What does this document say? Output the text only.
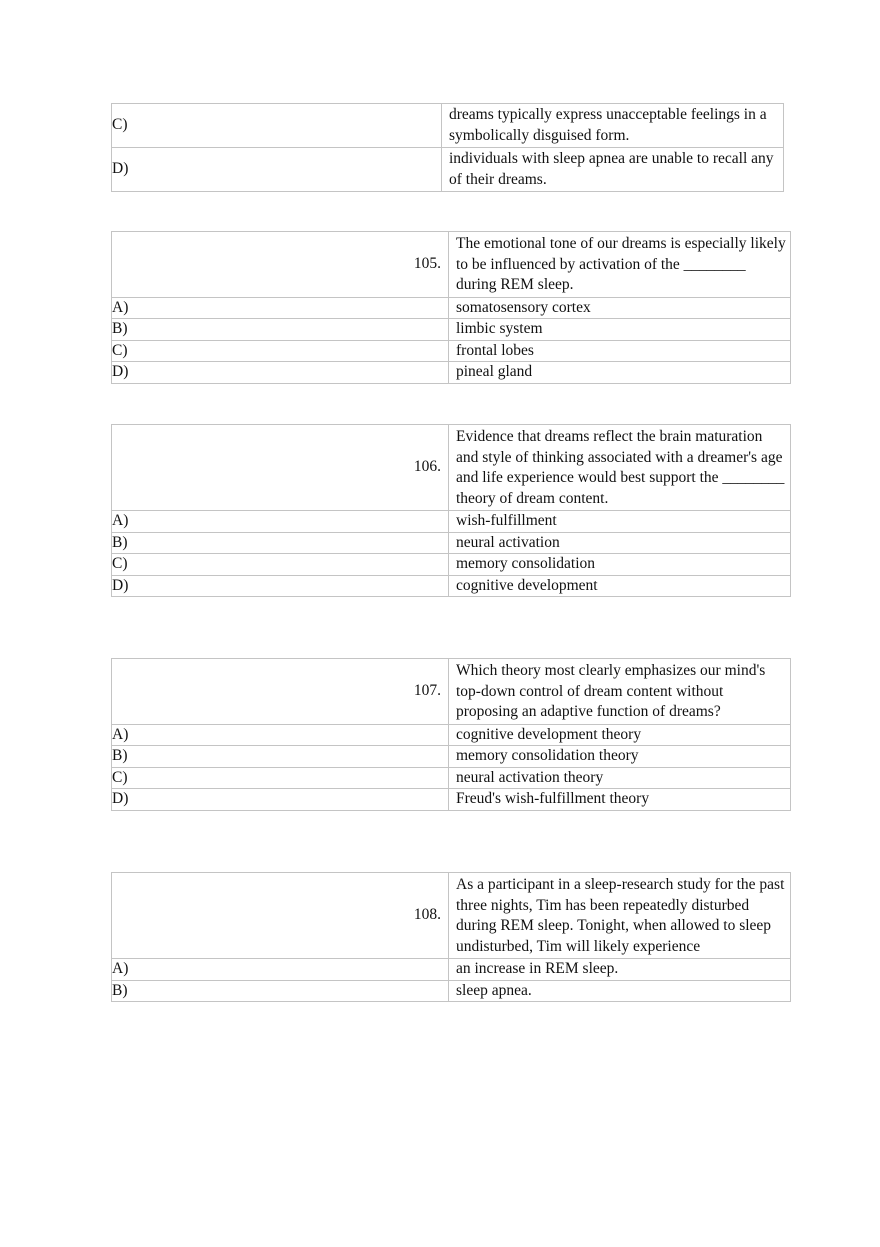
C)	dreams typically express unacceptable feelings in a symbolically disguised form.
D)	individuals with sleep apnea are unable to recall any of their dreams.
105.	The emotional tone of our dreams is especially likely to be influenced by activation of the ________ during REM sleep.
A)	somatosensory cortex
B)	limbic system
C)	frontal lobes
D)	pineal gland
106.	Evidence that dreams reflect the brain maturation and style of thinking associated with a dreamer's age and life experience would best support the ________ theory of dream content.
A)	wish-fulfillment
B)	neural activation
C)	memory consolidation
D)	cognitive development
107.	Which theory most clearly emphasizes our mind's top-down control of dream content without proposing an adaptive function of dreams?
A)	cognitive development theory
B)	memory consolidation theory
C)	neural activation theory
D)	Freud's wish-fulfillment theory
108.	As a participant in a sleep-research study for the past three nights, Tim has been repeatedly disturbed during REM sleep. Tonight, when allowed to sleep undisturbed, Tim will likely experience
A)	an increase in REM sleep.
B)	sleep apnea.
